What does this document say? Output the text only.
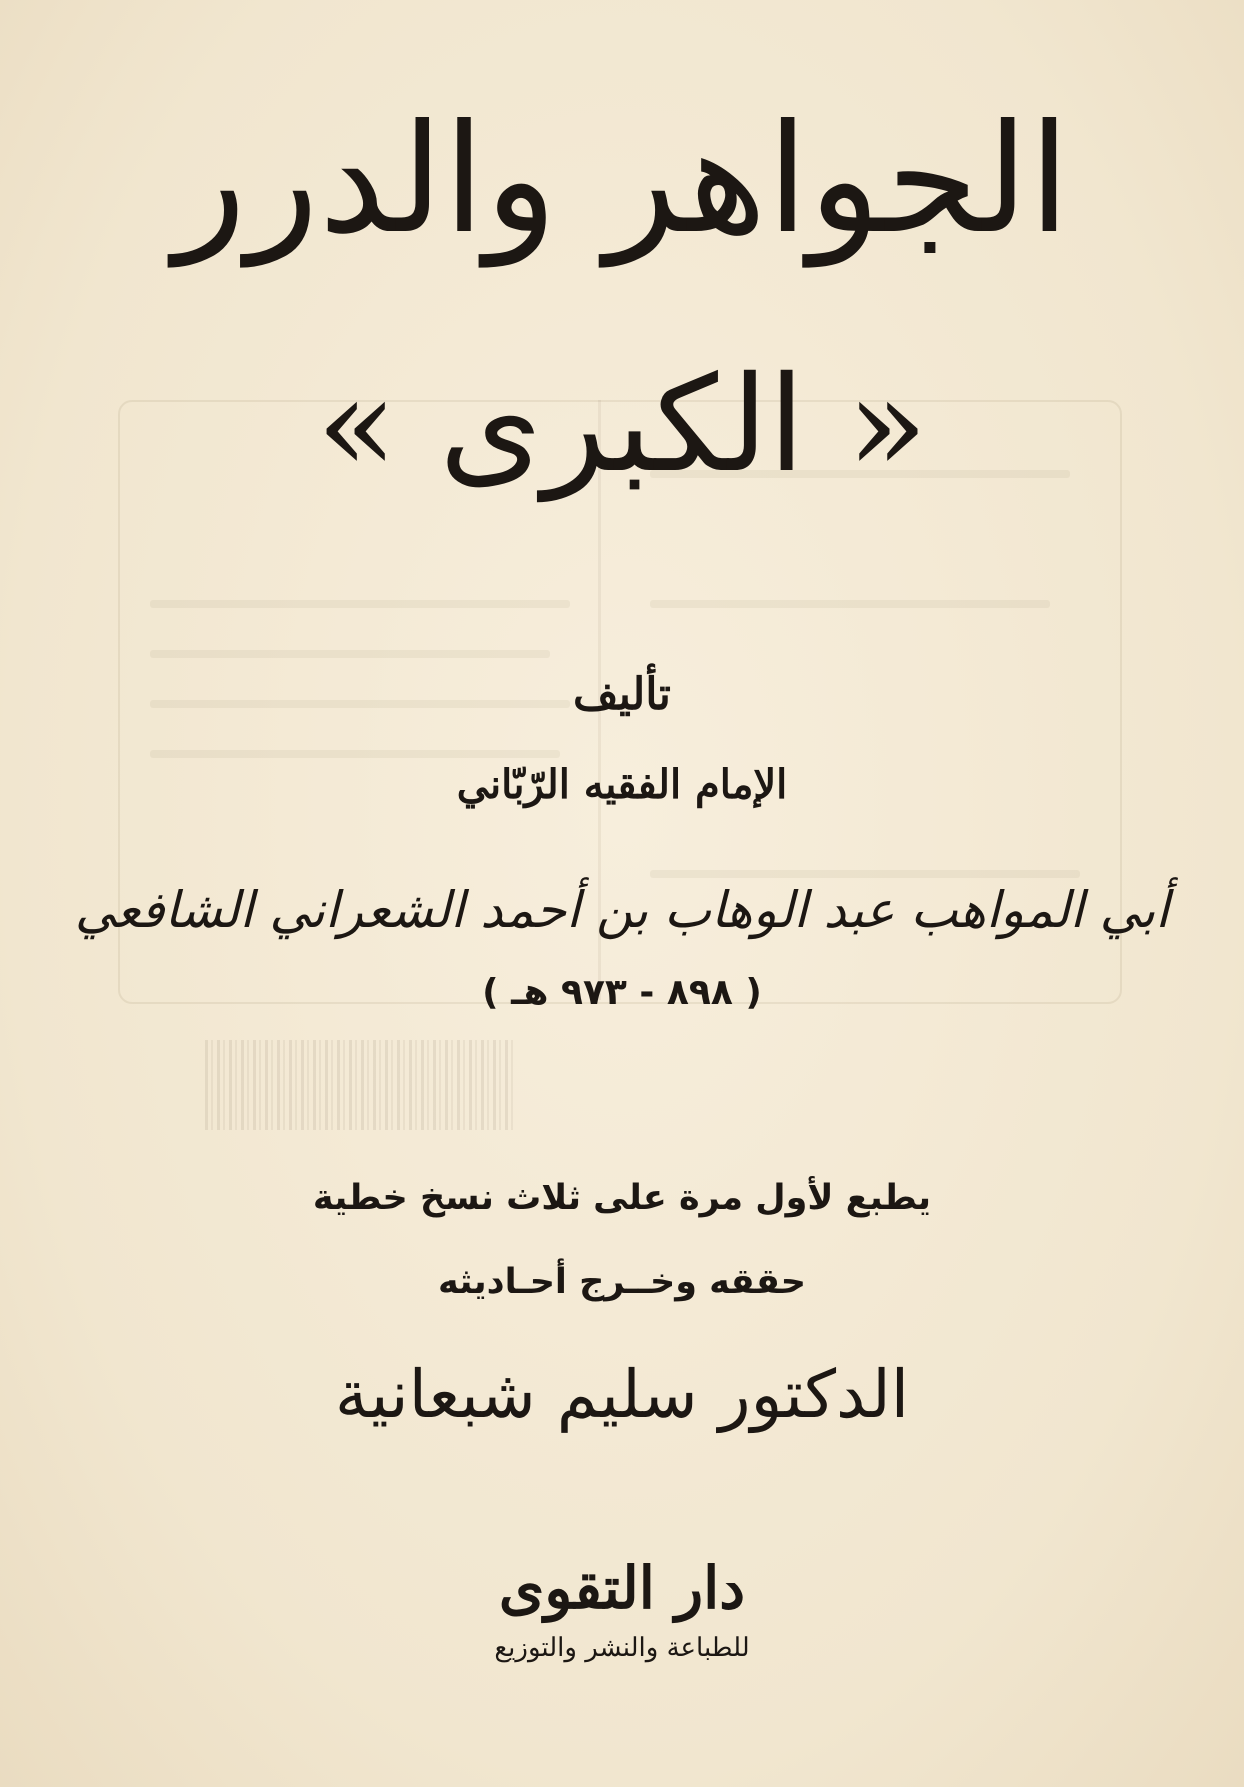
الجواهر والدرر
« الكبرى »
تأليف
الإمام الفقيه الرّبّاني
أبي المواهب عبد الوهاب بن أحمد الشعراني الشافعي
( ٨٩٨ - ٩٧٣ هـ )
يطبع لأول مرة على ثلاث نسخ خطية
حققه وخــرج أحـاديثه
الدكتور سليم شبعانية
دار التقوى
للطباعة والنشر والتوزيع
